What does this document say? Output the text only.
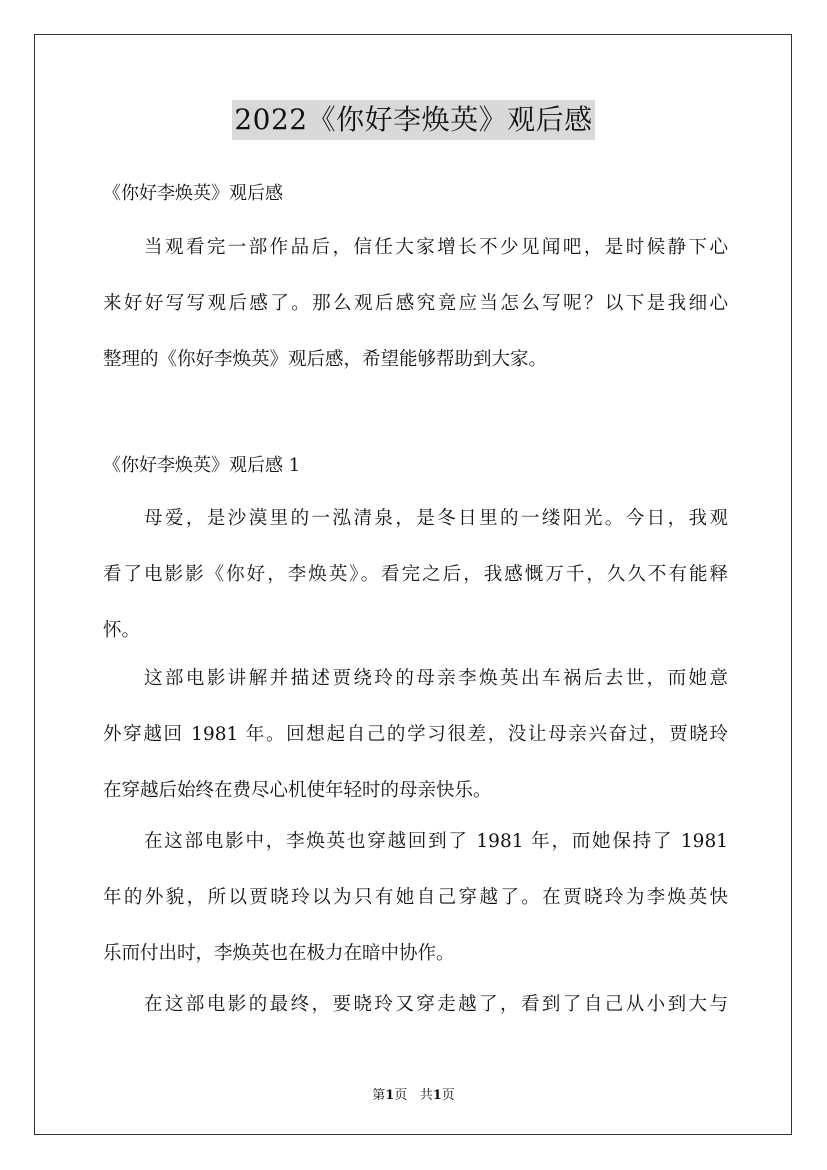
2022《你好李焕英》观后感
《你好李焕英》观后感
当观看完一部作品后，信任大家增长不少见闻吧，是时候静下心
来好好写写观后感了。那么观后感究竟应当怎么写呢？以下是我细心
整理的《你好李焕英》观后感，希望能够帮助到大家。
《你好李焕英》观后感 1
母爱，是沙漠里的一泓清泉，是冬日里的一缕阳光。今日，我观
看了电影影《你好，李焕英》。看完之后，我感慨万千，久久不有能释
怀。
这部电影讲解并描述贾绕玲的母亲李焕英出车祸后去世，而她意
外穿越回 1981 年。回想起自己的学习很差，没让母亲兴奋过，贾晓玲
在穿越后始终在费尽心机使年轻时的母亲快乐。
在这部电影中，李焕英也穿越回到了 1981 年，而她保持了 1981
年的外貌，所以贾晓玲以为只有她自己穿越了。在贾晓玲为李焕英快
乐而付出时，李焕英也在极力在暗中协作。
在这部电影的最终，要晓玲又穿走越了，看到了自己从小到大与
第1页 共1页
